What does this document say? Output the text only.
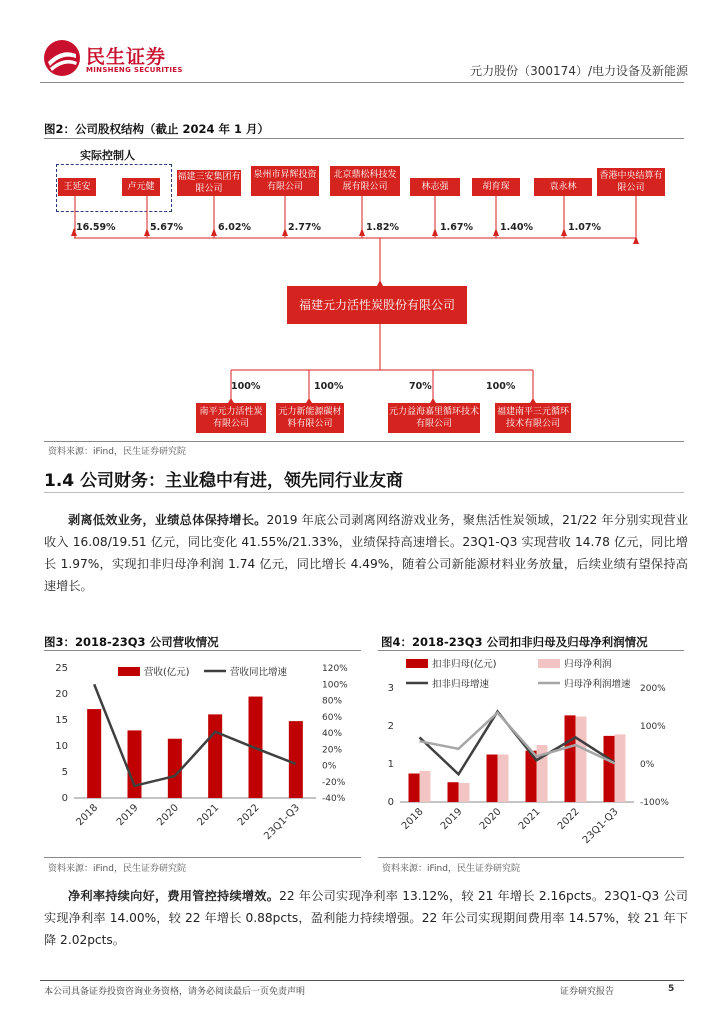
民生证券
MINSHENG SECURITIES	元力股份（300174）/电力设备及新能源
图2：公司股权结构（截止 2024 年 1 月）
实际控制人
王延安	卢元健
福建三安集团有限公司
泉州市昇辉投资有限公司
北京鼎松科技发展有限公司	林志强	胡育琛	袁永林
香港中央结算有限公司
16.59%	5.67%	6.02%	2.77%	1.82%	1.67%	1.40%	1.07%
福建元力活性炭股份有限公司
100%	100%	70%	100%
南平元力活性炭有限公司
元力新能源碳材料有限公司
元力益海嘉里循环技术有限公司
福建南平三元循环技术有限公司
资料来源：iFind，民生证券研究院
1.4 公司财务：主业稳中有进，领先同行业友商
剥离低效业务，业绩总体保持增长。2019 年底公司剥离网络游戏业务，聚焦活性炭领域，21/22 年分别实现营业收入 16.08/19.51 亿元，同比变化 41.55%/21.33%，业绩保持高速增长。23Q1-Q3 实现营收 14.78 亿元，同比增长 1.97%，实现扣非归母净利润 1.74 亿元，同比增长 4.49%，随着公司新能源材料业务放量，后续业绩有望保持高速增长。
图3：2018-23Q3 公司营收情况
0
5
10
15
20
25
-40%
-20%
0%
20%
40%
60%
80%
100%
120%
2018 2019 2020 2021 2022 23Q1-Q3
营收(亿元)	营收同比增速
资料来源：iFind，民生证券研究院
图4：2018-23Q3 公司扣非归母及归母净利润情况
0
1
2
3
-100%
0%
100%
200%
2018 2019 2020 2021 2022 23Q1-Q3
扣非归母(亿元)	归母净利润
扣非归母增速	归母净利润增速
资料来源：iFind，民生证券研究院
净利率持续向好，费用管控持续增效。22 年公司实现净利率 13.12%，较 21 年增长 2.16pcts。23Q1-Q3 公司实现净利率 14.00%，较 22 年增长 0.88pcts，盈利能力持续增强。22 年公司实现期间费用率 14.57%，较 21 年下降 2.02pcts。
本公司具备证券投资咨询业务资格，请务必阅读最后一页免责声明	证券研究报告	5
